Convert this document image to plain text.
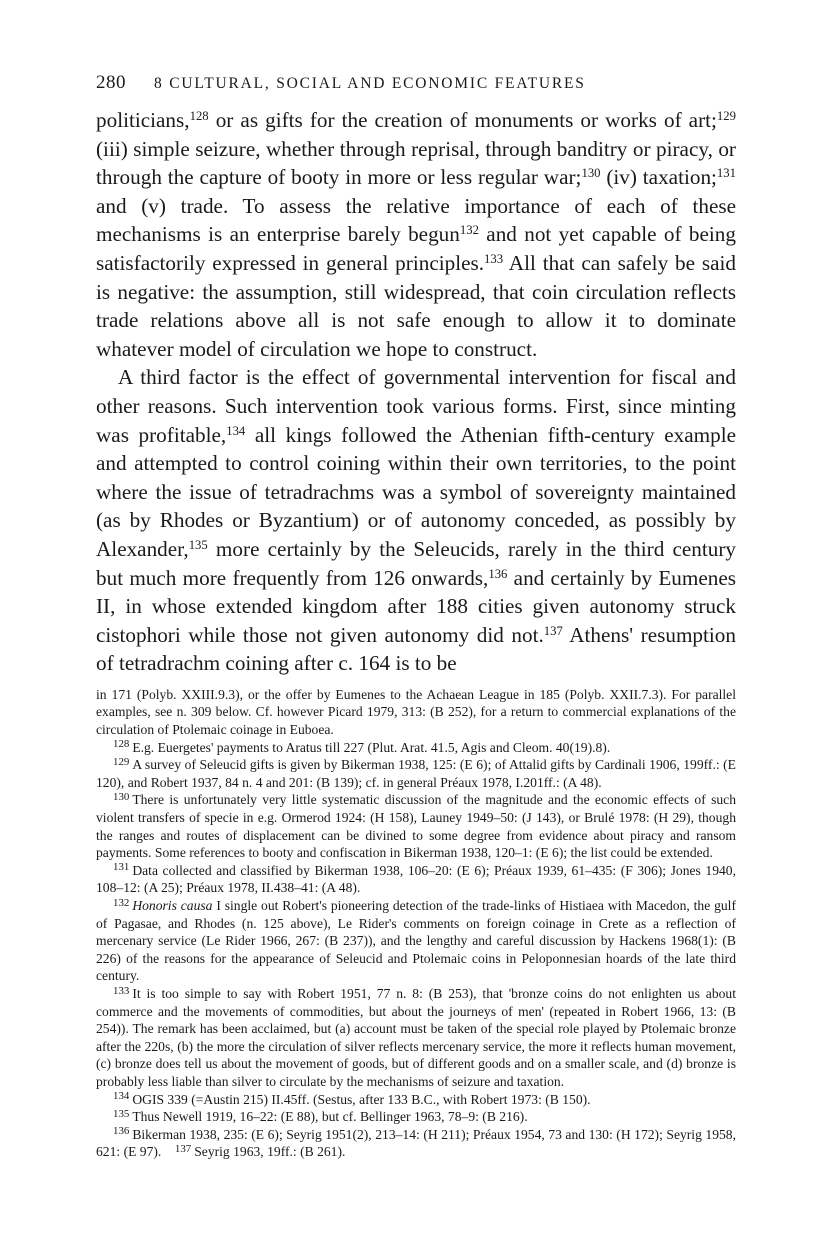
280	8 CULTURAL, SOCIAL AND ECONOMIC FEATURES

politicians,$^{128}$ or as gifts for the creation of monuments or works of art;$^{129}$ (iii) simple seizure, whether through reprisal, through banditry or piracy, or through the capture of booty in more or less regular war;$^{130}$ (iv) taxation;$^{131}$ and (v) trade. To assess the relative importance of each of these mechanisms is an enterprise barely begun$^{132}$ and not yet capable of being satisfactorily expressed in general principles.$^{133}$ All that can safely be said is negative: the assumption, still widespread, that coin circulation reflects trade relations above all is not safe enough to allow it to dominate whatever model of circulation we hope to construct.

A third factor is the effect of governmental intervention for fiscal and other reasons. Such intervention took various forms. First, since minting was profitable,$^{134}$ all kings followed the Athenian fifth-century example and attempted to control coining within their own territories, to the point where the issue of tetradrachms was a symbol of sovereignty maintained (as by Rhodes or Byzantium) or of autonomy conceded, as possibly by Alexander,$^{135}$ more certainly by the Seleucids, rarely in the third century but much more frequently from 126 onwards,$^{136}$ and certainly by Eumenes II, in whose extended kingdom after 188 cities given autonomy struck cistophori while those not given autonomy did not.$^{137}$ Athens' resumption of tetradrachm coining after c. 164 is to be

in 171 (Polyb. XXIII.9.3), or the offer by Eumenes to the Achaean League in 185 (Polyb. XXII.7.3). For parallel examples, see n. 309 below. Cf. however Picard 1979, 313: (B 252), for a return to commercial explanations of the circulation of Ptolemaic coinage in Euboea.

$^{128}$ E.g. Euergetes' payments to Aratus till 227 (Plut. Arat. 41.5, Agis and Cleom. 40(19).8).

$^{129}$ A survey of Seleucid gifts is given by Bikerman 1938, 125: (E 6); of Attalid gifts by Cardinali 1906, 199ff.: (E 120), and Robert 1937, 84 n. 4 and 201: (B 139); cf. in general Préaux 1978, I.201ff.: (A 48).

$^{130}$ There is unfortunately very little systematic discussion of the magnitude and the economic effects of such violent transfers of specie in e.g. Ormerod 1924: (H 158), Launey 1949–50: (J 143), or Brulé 1978: (H 29), though the ranges and routes of displacement can be divined to some degree from evidence about piracy and ransom payments. Some references to booty and confiscation in Bikerman 1938, 120–1: (E 6); the list could be extended.

$^{131}$ Data collected and classified by Bikerman 1938, 106–20: (E 6); Préaux 1939, 61–435: (F 306); Jones 1940, 108–12: (A 25); Préaux 1978, II.438–41: (A 48).

$^{132}$ Honoris causa I single out Robert's pioneering detection of the trade-links of Histiaea with Macedon, the gulf of Pagasae, and Rhodes (n. 125 above), Le Rider's comments on foreign coinage in Crete as a reflection of mercenary service (Le Rider 1966, 267: (B 237)), and the lengthy and careful discussion by Hackens 1968(1): (B 226) of the reasons for the appearance of Seleucid and Ptolemaic coins in Peloponnesian hoards of the late third century.

$^{133}$ It is too simple to say with Robert 1951, 77 n. 8: (B 253), that 'bronze coins do not enlighten us about commerce and the movements of commodities, but about the journeys of men' (repeated in Robert 1966, 13: (B 254)). The remark has been acclaimed, but (a) account must be taken of the special role played by Ptolemaic bronze after the 220s, (b) the more the circulation of silver reflects mercenary service, the more it reflects human movement, (c) bronze does tell us about the movement of goods, but of different goods and on a smaller scale, and (d) bronze is probably less liable than silver to circulate by the mechanisms of seizure and taxation.

$^{134}$ OGIS 339 (=Austin 215) II.45ff. (Sestus, after 133 B.C., with Robert 1973: (B 150).

$^{135}$ Thus Newell 1919, 16–22: (E 88), but cf. Bellinger 1963, 78–9: (B 216).

$^{136}$ Bikerman 1938, 235: (E 6); Seyrig 1951(2), 213–14: (H 211); Préaux 1954, 73 and 130: (H 172); Seyrig 1958, 621: (E 97). $^{137}$ Seyrig 1963, 19ff.: (B 261).
